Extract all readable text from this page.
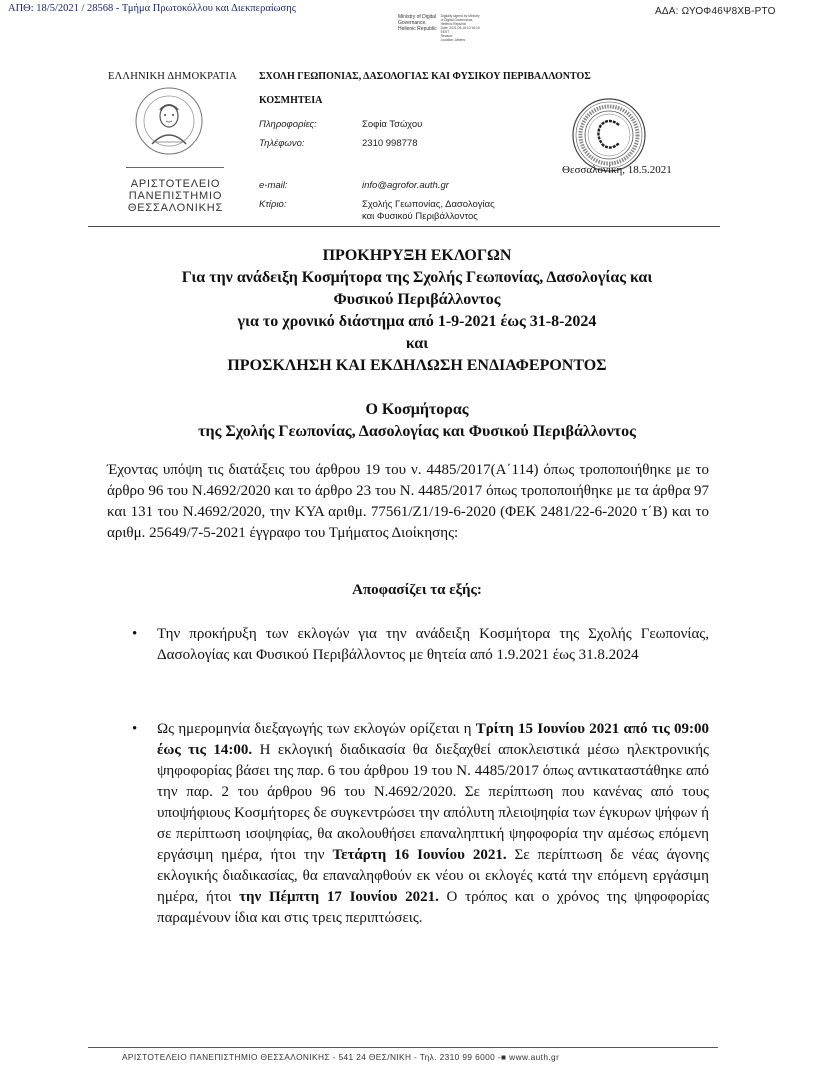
ΑΠΘ: 18/5/2021 / 28568 - Τμήμα Πρωτοκόλλου και Διεκπεραίωσης	ΑΔΑ: ΩΥΟΦ46Ψ8ΧΒ-ΡΤΟ
Ministry of Digital
Governance,
Hellenic Republic
Digitally signed by Ministry
of Digital Governance,
Hellenic Republic
Date: 2021.05.18 10:16:16
EEST
Reason:
Location: Athens
ΕΛΛΗΝΙΚΗ ΔΗΜΟΚΡΑΤΙΑ
ΑΡΙΣΤΟΤΕΛΕΙΟ
ΠΑΝΕΠΙΣΤΗΜΙΟ
ΘΕΣΣΑΛΟΝΙΚΗΣ
ΣΧΟΛΗ ΓΕΩΠΟΝΙΑΣ, ΔΑΣΟΛΟΓΙΑΣ ΚΑΙ ΦΥΣΙΚΟΥ ΠΕΡΙΒΑΛΛΟΝΤΟΣ
ΚΟΣΜΗΤΕΙΑ
Πληροφορίες:	Σοφία Τσώχου
Τηλέφωνο:	2310 998778
e-mail:	info@agrofor.auth.gr
Κτίριο:	Σχολής Γεωπονίας, Δασολογίας
και Φυσικού Περιβάλλοντος
Θεσσαλονίκη, 18.5.2021
ΠΡΟΚΗΡΥΞΗ ΕΚΛΟΓΩΝ
Για την ανάδειξη Κοσμήτορα της Σχολής Γεωπονίας, Δασολογίας και
Φυσικού Περιβάλλοντος
για το χρονικό διάστημα από 1-9-2021 έως 31-8-2024
και
ΠΡΟΣΚΛΗΣΗ ΚΑΙ ΕΚΔΗΛΩΣΗ ΕΝΔΙΑΦΕΡΟΝΤΟΣ
Ο Κοσμήτορας
της Σχολής Γεωπονίας, Δασολογίας και Φυσικού Περιβάλλοντος
Έχοντας υπόψη τις διατάξεις του άρθρου 19 του ν. 4485/2017(Α΄114) όπως τροποποιήθηκε με το άρθρο 96 του Ν.4692/2020 και το άρθρο 23 του Ν. 4485/2017 όπως τροποποιήθηκε με τα άρθρα 97 και 131 του Ν.4692/2020, την ΚΥΑ αριθμ. 77561/Ζ1/19-6-2020 (ΦΕΚ 2481/22-6-2020 τ΄Β) και το αριθμ. 25649/7-5-2021 έγγραφο του Τμήματος Διοίκησης:
Αποφασίζει τα εξής:
•	Την προκήρυξη των εκλογών για την ανάδειξη Κοσμήτορα της Σχολής Γεωπονίας, Δασολογίας και Φυσικού Περιβάλλοντος με θητεία από 1.9.2021 έως 31.8.2024
•	Ως ημερομηνία διεξαγωγής των εκλογών ορίζεται η Τρίτη 15 Ιουνίου 2021 από τις 09:00 έως τις 14:00. Η εκλογική διαδικασία θα διεξαχθεί αποκλειστικά μέσω ηλεκτρονικής ψηφοφορίας βάσει της παρ. 6 του άρθρου 19 του Ν. 4485/2017 όπως αντικαταστάθηκε από την παρ. 2 του άρθρου 96 του Ν.4692/2020. Σε περίπτωση που κανένας από τους υποψήφιους Κοσμήτορες δε συγκεντρώσει την απόλυτη πλειοψηφία των έγκυρων ψήφων ή σε περίπτωση ισοψηφίας, θα ακολουθήσει επαναληπτική ψηφοφορία την αμέσως επόμενη εργάσιμη ημέρα, ήτοι την Τετάρτη 16 Ιουνίου 2021. Σε περίπτωση δε νέας άγονης εκλογικής διαδικασίας, θα επαναληφθούν εκ νέου οι εκλογές κατά την επόμενη εργάσιμη ημέρα, ήτοι την Πέμπτη 17 Ιουνίου 2021. Ο τρόπος και ο χρόνος της ψηφοφορίας παραμένουν ίδια και στις τρεις περιπτώσεις.
ΑΡΙΣΤΟΤΕΛΕΙΟ ΠΑΝΕΠΙΣΤΗΜΙΟ ΘΕΣΣΑΛΟΝΙΚΗΣ - 541 24 ΘΕΣ/ΝΙΚΗ - Τηλ. 2310 99 6000 -■ www.auth.gr
